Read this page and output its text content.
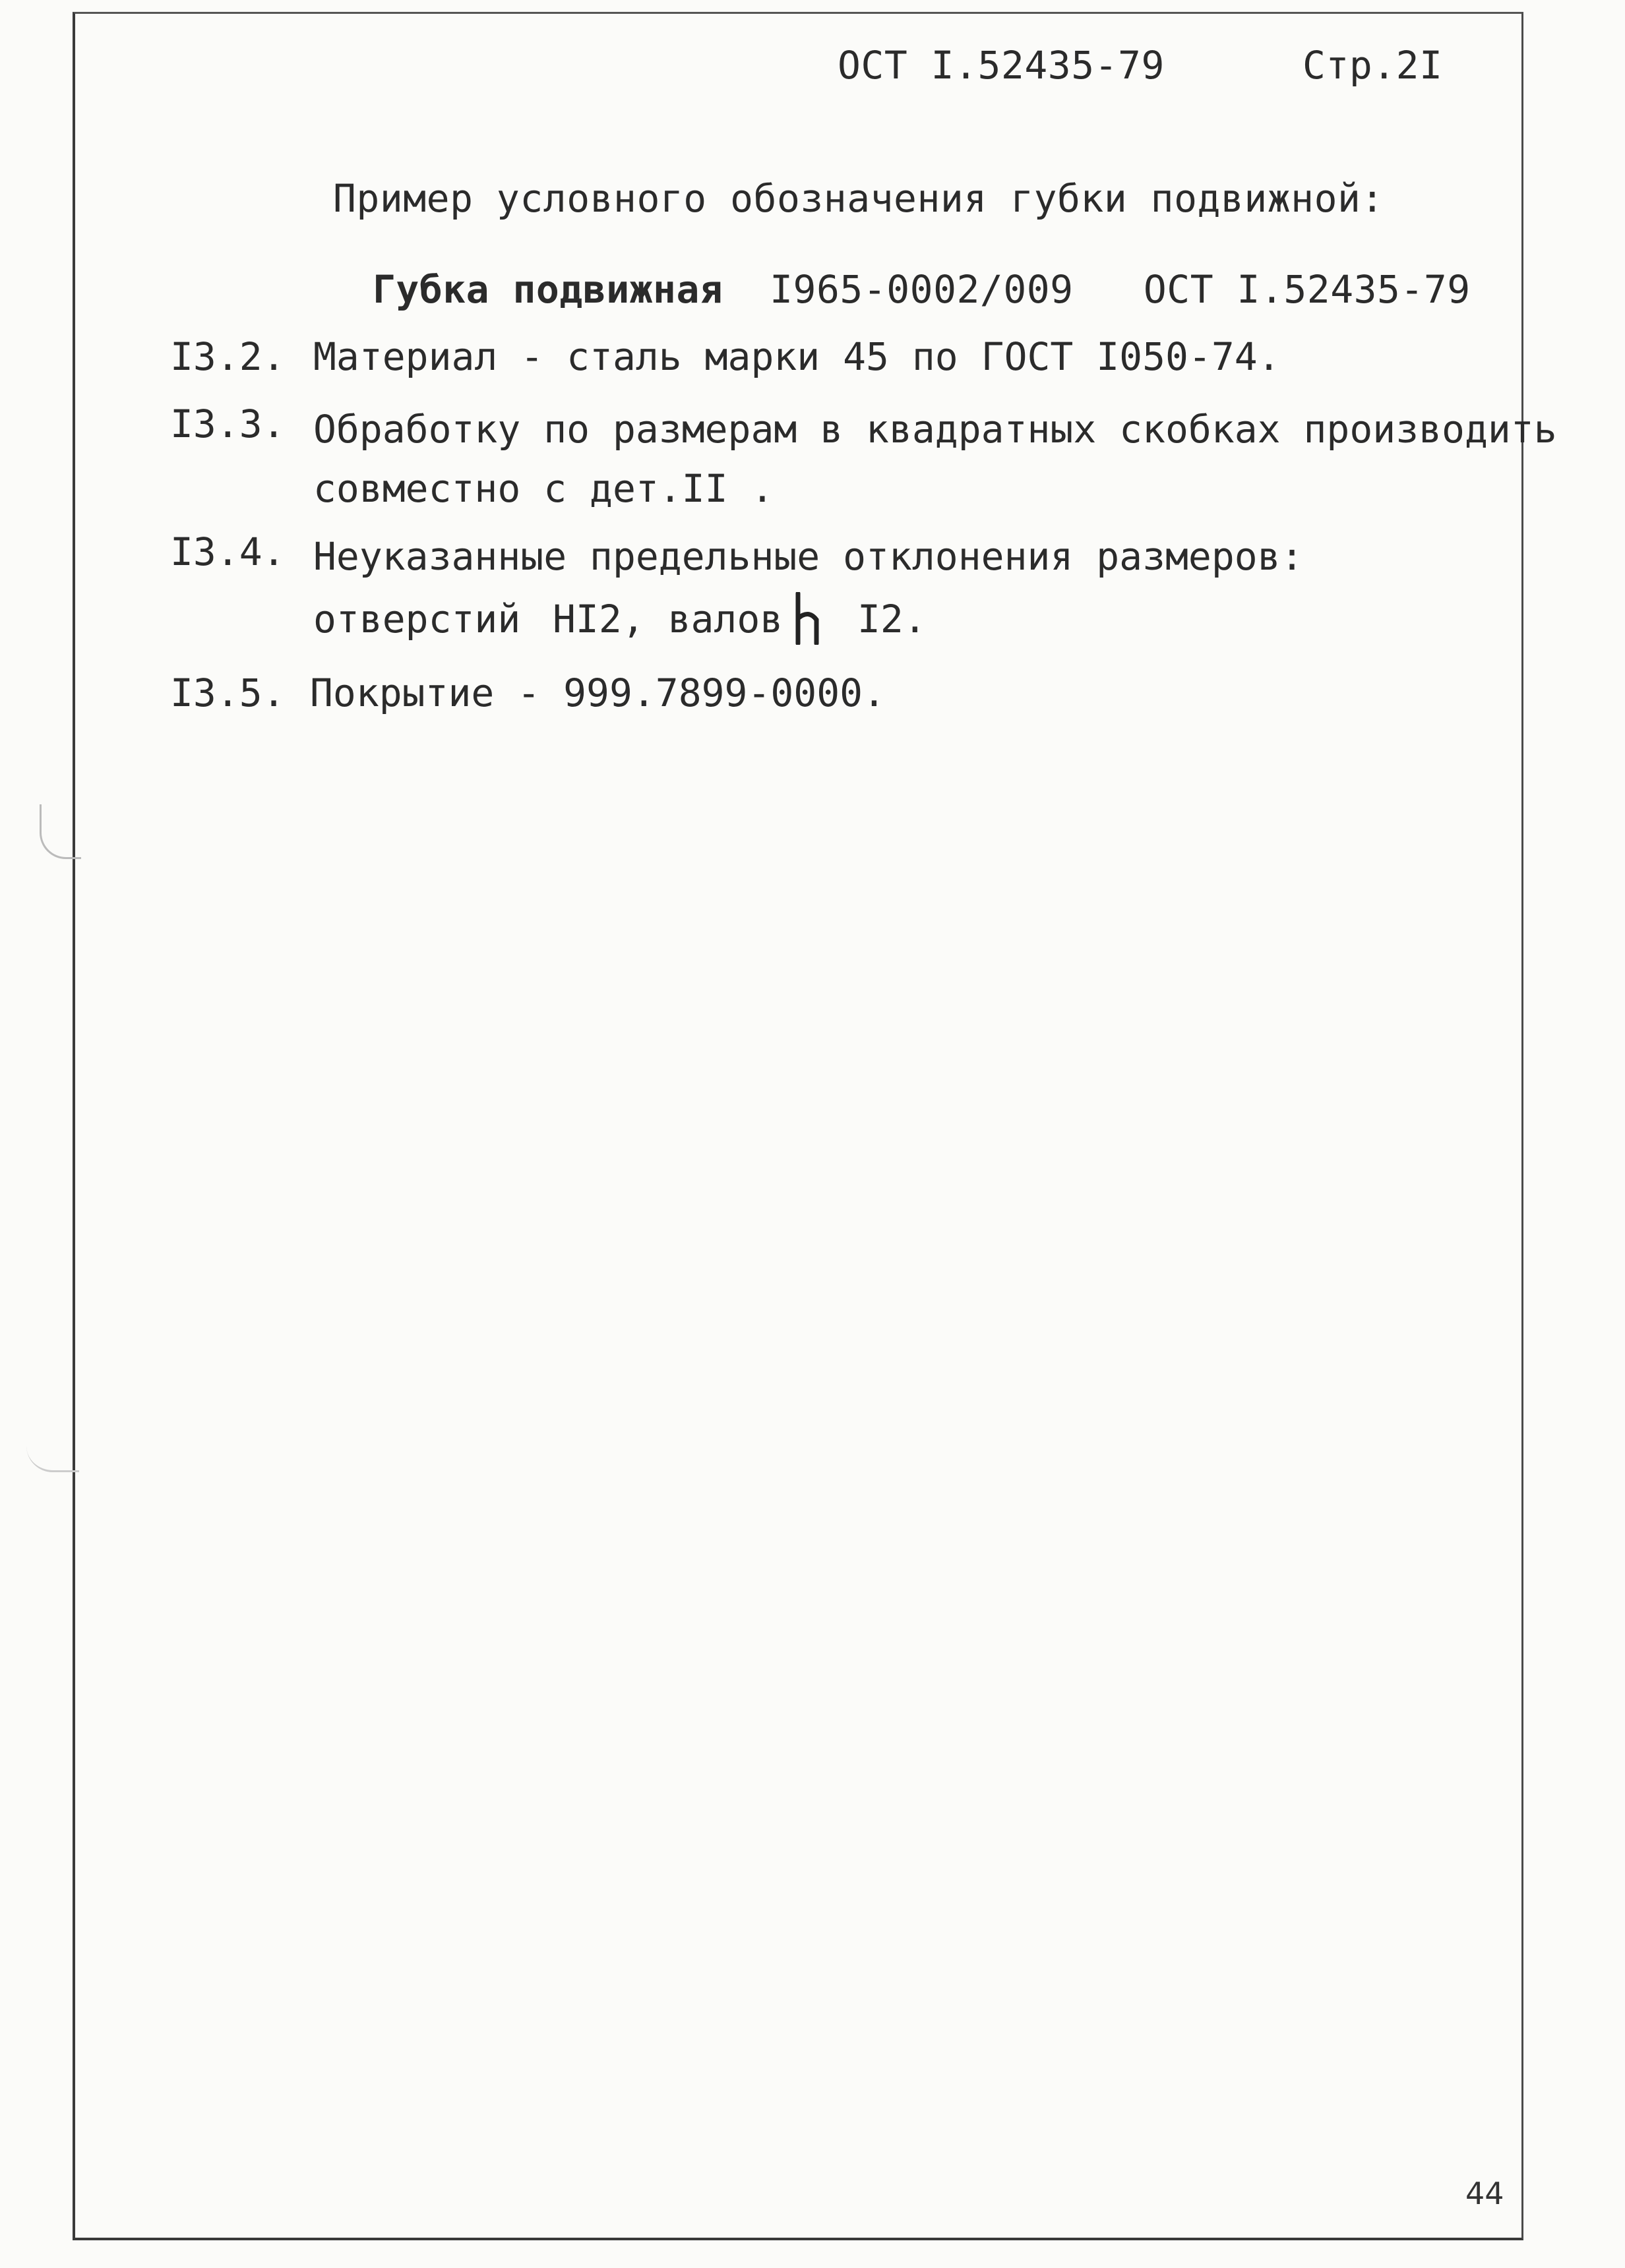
ОСТ I.52435-79	Стр.2I
Пример условного обозначения губки подвижной:
Губка подвижная I965-0002/009 ОСТ I.52435-79
I3.2. Материал - сталь марки 45 по ГОСТ I050-74.
I3.3. Обработку по размерам в квадратных скобках производить
совместно с дет.II .
I3.4. Неуказанные предельные отклонения размеров:
отверстий HI2, валов I2.
I3.5. Покрытие - 999.7899-0000.
44
